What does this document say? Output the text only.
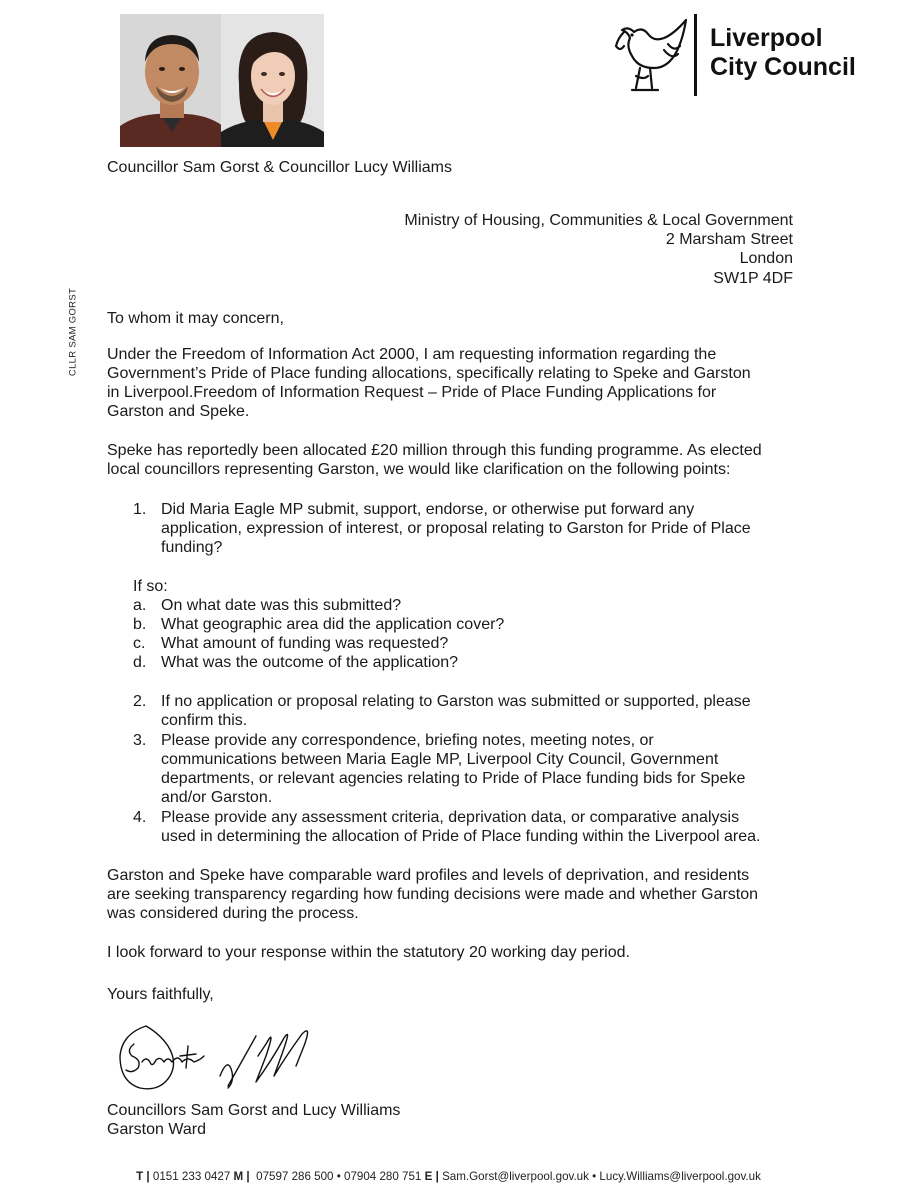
Liverpool
City Council
Councillor Sam Gorst & Councillor Lucy Williams
Ministry of Housing, Communities & Local Government
2 Marsham Street
London
SW1P 4DF
CLLR SAM GORST To whom it may concern,
Under the Freedom of Information Act 2000, I am requesting information regarding the
Government’s Pride of Place funding allocations, specifically relating to Speke and Garston
in Liverpool.Freedom of Information Request – Pride of Place Funding Applications for
Garston and Speke.
Speke has reportedly been allocated £20 million through this funding programme. As elected
local councillors representing Garston, we would like clarification on the following points:
1. Did Maria Eagle MP submit, support, endorse, or otherwise put forward any
application, expression of interest, or proposal relating to Garston for Pride of Place
funding?
If so:
a. On what date was this submitted?
b. What geographic area did the application cover?
c. What amount of funding was requested?
d. What was the outcome of the application?
2. If no application or proposal relating to Garston was submitted or supported, please
confirm this.
3. Please provide any correspondence, briefing notes, meeting notes, or
communications between Maria Eagle MP, Liverpool City Council, Government
departments, or relevant agencies relating to Pride of Place funding bids for Speke
and/or Garston.
4. Please provide any assessment criteria, deprivation data, or comparative analysis
used in determining the allocation of Pride of Place funding within the Liverpool area.
Garston and Speke have comparable ward profiles and levels of deprivation, and residents
are seeking transparency regarding how funding decisions were made and whether Garston
was considered during the process.
I look forward to your response within the statutory 20 working day period.
Yours faithfully,
Councillors Sam Gorst and Lucy Williams
Garston Ward
T | 0151 233 0427 M | 07597 286 500 • 07904 280 751 E | Sam.Gorst@liverpool.gov.uk • Lucy.Williams@liverpool.gov.uk
